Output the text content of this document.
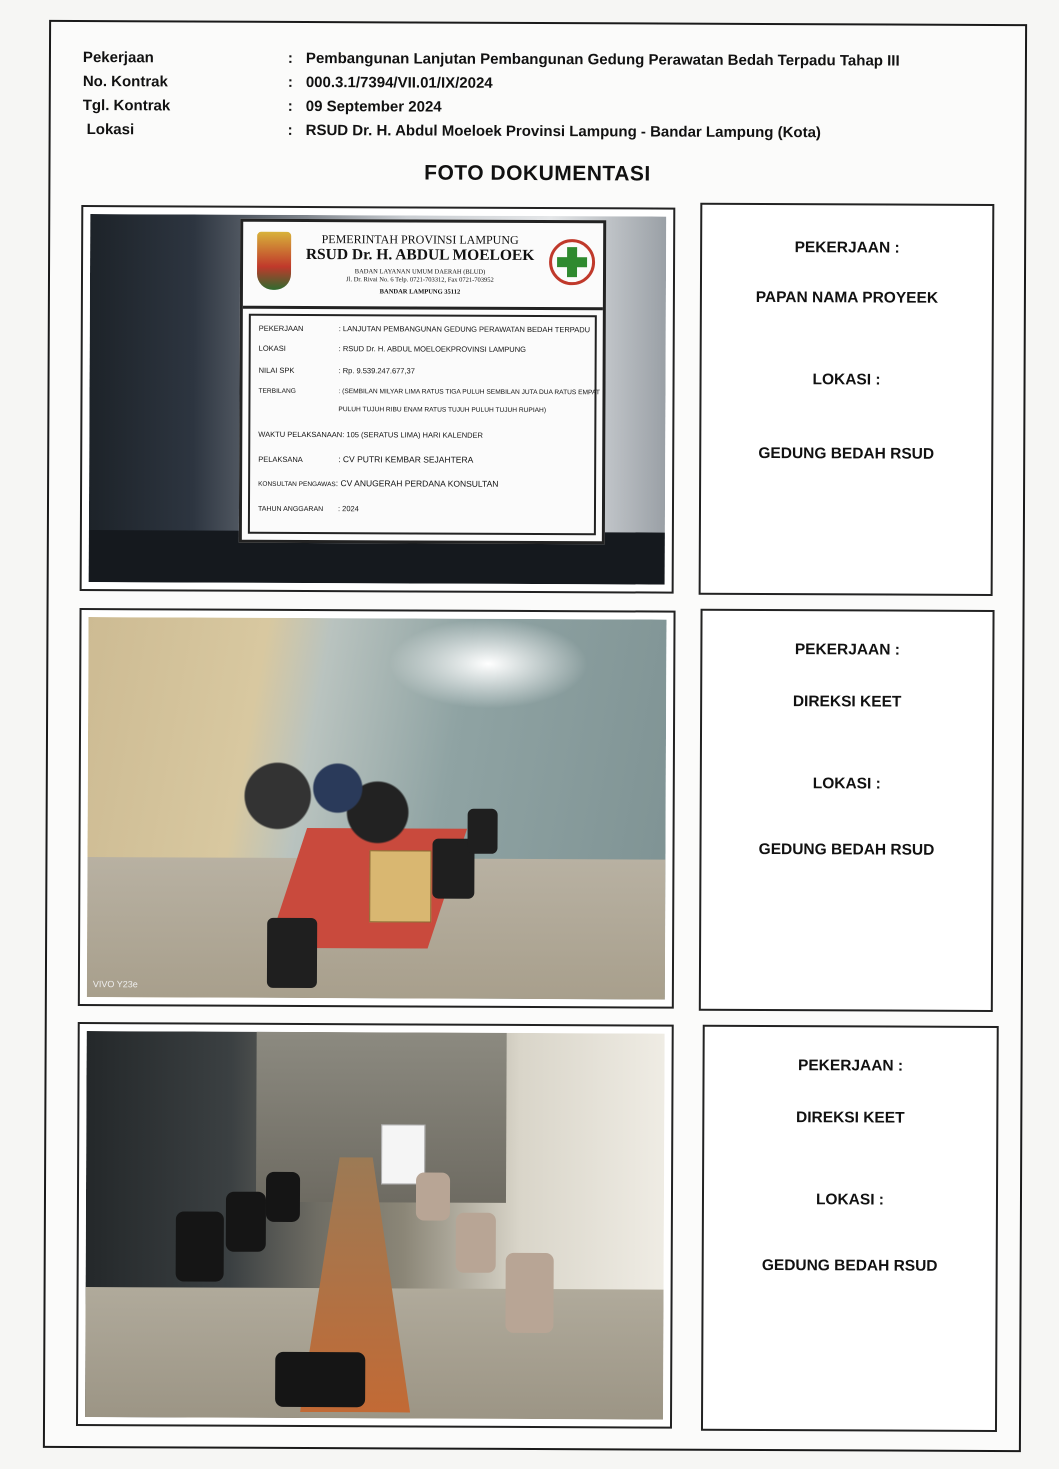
Pekerjaan	: Pembangunan Lanjutan Pembangunan Gedung Perawatan Bedah Terpadu Tahap III
No. Kontrak	: 000.3.1/7394/VII.01/IX/2024
Tgl. Kontrak	: 09 September 2024
Lokasi	: RSUD Dr. H. Abdul Moeloek Provinsi Lampung - Bandar Lampung (Kota)
FOTO DOKUMENTASI
PEMERINTAH PROVINSI LAMPUNG
RSUD Dr. H. ABDUL MOELOEK
BADAN LAYANAN UMUM DAERAH (BLUD)
Jl. Dr. Rivai No. 6 Telp. 0721-703312, Fax 0721-703952
BANDAR LAMPUNG 35112
PEKERJAAN	: LANJUTAN PEMBANGUNAN GEDUNG PERAWATAN BEDAH TERPADU
LOKASI	: RSUD Dr. H. ABDUL MOELOEKPROVINSI LAMPUNG
NILAI SPK	: Rp. 9.539.247.677,37
TERBILANG	: (SEMBILAN MILYAR LIMA RATUS TIGA PULUH SEMBILAN JUTA DUA RATUS EMPAT
PULUH TUJUH RIBU ENAM RATUS TUJUH PULUH TUJUH RUPIAH)
WAKTU PELAKSANAAN: 105 (SERATUS LIMA) HARI KALENDER
PELAKSANA	: CV PUTRI KEMBAR SEJAHTERA
KONSULTAN PENGAWAS: CV ANUGERAH PERDANA KONSULTAN
TAHUN ANGGARAN : 2024
PEKERJAAN :
PAPAN NAMA PROYEEK
LOKASI :
GEDUNG BEDAH RSUD
VIVO Y23e
PEKERJAAN :
DIREKSI KEET
LOKASI :
GEDUNG BEDAH RSUD
PEKERJAAN :
DIREKSI KEET
LOKASI :
GEDUNG BEDAH RSUD
